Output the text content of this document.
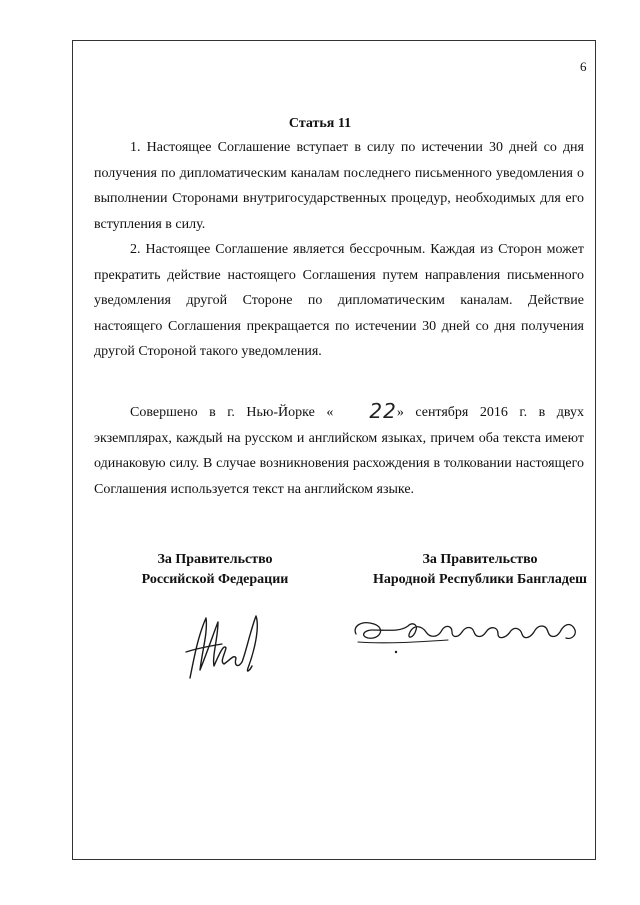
6
Статья 11

1. Настоящее Соглашение вступает в силу по истечении 30 дней со дня получения по дипломатическим каналам последнего письменного уведомления о выполнении Сторонами внутригосударственных процедур, необходимых для его вступления в силу.

2. Настоящее Соглашение является бессрочным. Каждая из Сторон может прекратить действие настоящего Соглашения путем направления письменного уведомления другой Стороне по дипломатическим каналам. Действие настоящего Соглашения прекращается по истечении 30 дней со дня получения другой Стороной такого уведомления.

Совершено в г. Нью-Йорке « 22» сентября 2016 г. в двух экземплярах, каждый на русском и английском языках, причем оба текста имеют одинаковую силу. В случае возникновения расхождения в толковании настоящего Соглашения используется текст на английском языке.

За Правительство
Российской Федерации
За Правительство
Народной Республики Бангладеш
